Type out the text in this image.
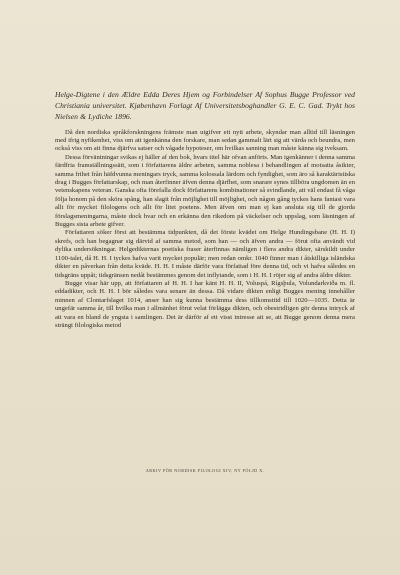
Helge-Digtene i den Ældre Edda Deres Hjem og Forbindelser Af Sophus Bugge Professor ved Christiania universitet. Kjøbenhavn Forlagt Af Universitetsboghandler G. E. C. Gad. Trykt hos Nielsen & Lydiche 1896.

Då den nordiska språkforskningens främste man utgifver ett nytt arbete, skyndar man alltid till läsningen med ifrig nyfikenhet, viss om att igenkänna den forskare, man sedan gammalt lärt sig att värda och beundra, men också viss om att finna djärfva satser och vågade hypoteser, om hvilkas sanning man måste känna sig tveksam.

Dessa förväntningar svikas ej häller af den bok, hvars titel här ofvan anförts. Man igenkänner i denna samma färdfria framställningssätt, som i författarens äldre arbeten, samma noblesa i behandlingen af motsatta åsikter, samma frihet från häfdvunna meningars tryck, samma kolossala lärdom och fyndighet, som äro så karaktäristiska drag i Bugges författarskap, och man återfinner äfven denna djärfhet, som snarare synes tillböra ungdomen än en vetenskapens veteran. Ganska ofta förefalla dock författarens kombinationer så svindlande, att väl endast få våga följa honom på den sköra spång, han slagit från möjlighet till möjlighet, och någon gång tyckes hans fantasi vara allt för mycket filologens och allt för litet poetens. Men äfven om man ej kan ansluta sig till de gjorda förslagsmeningarna, måste dock hvar och en erkänna den rikedom på väckelser och uppslag, som läsningen af Bugges sista arbete gifver.

Författaren söker först att bestämma tidpunkten, då det förste kvädet om Helge Hundingsbane (H. H. I) skrefs, och han begagnar sig därvid af samma metod, som han — och äfven andra — förut ofta användt vid dylika undersökningar. Helgedikternas poetiska fraser återfinnas nämligen i flera andra dikter, särskildt under 1100-talet, då H. H. I tyckes hafva varit mycket populär; men redan omkr. 1040 finner man i åtskilliga isländska dikter en påverkan från detta kväde. H. H. I måste därför vara författad före denna tid, och vi hafva således en tidsgräns uppåt; tidsgränsen nedåt bestämmes genom det inflytande, som i H. H. I röjer sig af andra äldre dikter.

Bugge visar här upp, att författaren af H. H. I har känt H. H. II, Voluspá, Rígsþula, Volundarkviða m. fl. eddadikter, och H. H. I bör således vara senare än dessa. Då vidare dikten enligt Bugges mening innehåller minnen af Clontarfslaget 1014, anser han sig kunna bestämma dess tillkomsttid till 1020—1035. Detta är ungefär samma år, till hvilka man i allmänhet förut velat förlägga dikten, och obestridligen gör denna intryck af att vara en bland de yngsta i samlingen. Det är därför af ett visst intresse att se, att Bugge genom denna mera strängt filologiska metod

ARKIV FÖR NORDISK FILOLOGI XIV, NY FÖLJD X.
